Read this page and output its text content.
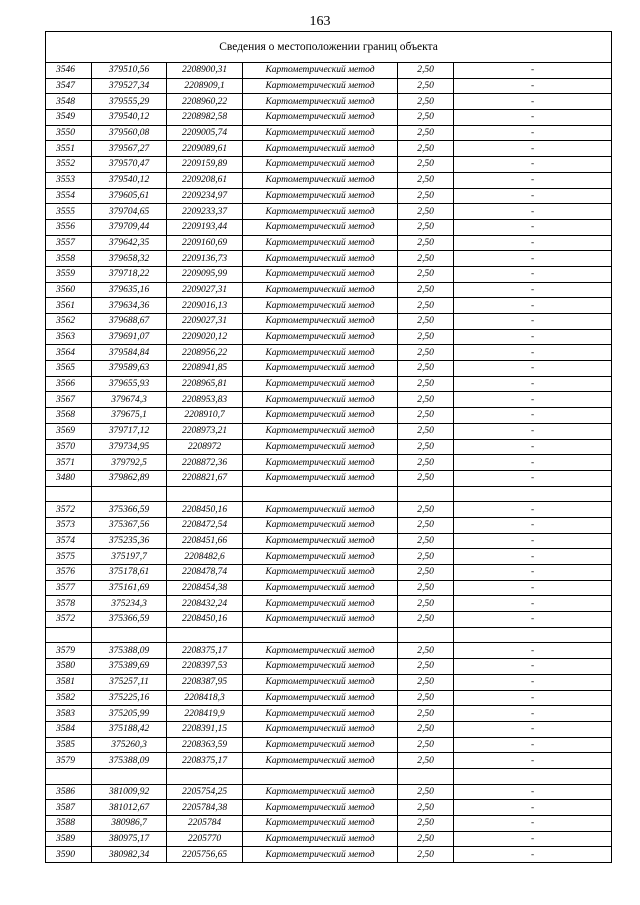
163
Сведения о местоположении границ объекта					
3546	379510,56	2208900,31	Картометрический метод	2,50	-
3547	379527,34	2208909,1	Картометрический метод	2,50	-
3548	379555,29	2208960,22	Картометрический метод	2,50	-
3549	379540,12	2208982,58	Картометрический метод	2,50	-
3550	379560,08	2209005,74	Картометрический метод	2,50	-
3551	379567,27	2209089,61	Картометрический метод	2,50	-
3552	379570,47	2209159,89	Картометрический метод	2,50	-
3553	379540,12	2209208,61	Картометрический метод	2,50	-
3554	379605,61	2209234,97	Картометрический метод	2,50	-
3555	379704,65	2209233,37	Картометрический метод	2,50	-
3556	379709,44	2209193,44	Картометрический метод	2,50	-
3557	379642,35	2209160,69	Картометрический метод	2,50	-
3558	379658,32	2209136,73	Картометрический метод	2,50	-
3559	379718,22	2209095,99	Картометрический метод	2,50	-
3560	379635,16	2209027,31	Картометрический метод	2,50	-
3561	379634,36	2209016,13	Картометрический метод	2,50	-
3562	379688,67	2209027,31	Картометрический метод	2,50	-
3563	379691,07	2209020,12	Картометрический метод	2,50	-
3564	379584,84	2208956,22	Картометрический метод	2,50	-
3565	379589,63	2208941,85	Картометрический метод	2,50	-
3566	379655,93	2208965,81	Картометрический метод	2,50	-
3567	379674,3	2208953,83	Картометрический метод	2,50	-
3568	379675,1	2208910,7	Картометрический метод	2,50	-
3569	379717,12	2208973,21	Картометрический метод	2,50	-
3570	379734,95	2208972	Картометрический метод	2,50	-
3571	379792,5	2208872,36	Картометрический метод	2,50	-
3480	379862,89	2208821,67	Картометрический метод	2,50	-

3572	375366,59	2208450,16	Картометрический метод	2,50	-
3573	375367,56	2208472,54	Картометрический метод	2,50	-
3574	375235,36	2208451,66	Картометрический метод	2,50	-
3575	375197,7	2208482,6	Картометрический метод	2,50	-
3576	375178,61	2208478,74	Картометрический метод	2,50	-
3577	375161,69	2208454,38	Картометрический метод	2,50	-
3578	375234,3	2208432,24	Картометрический метод	2,50	-
3572	375366,59	2208450,16	Картометрический метод	2,50	-

3579	375388,09	2208375,17	Картометрический метод	2,50	-
3580	375389,69	2208397,53	Картометрический метод	2,50	-
3581	375257,11	2208387,95	Картометрический метод	2,50	-
3582	375225,16	2208418,3	Картометрический метод	2,50	-
3583	375205,99	2208419,9	Картометрический метод	2,50	-
3584	375188,42	2208391,15	Картометрический метод	2,50	-
3585	375260,3	2208363,59	Картометрический метод	2,50	-
3579	375388,09	2208375,17	Картометрический метод	2,50	-

3586	381009,92	2205754,25	Картометрический метод	2,50	-
3587	381012,67	2205784,38	Картометрический метод	2,50	-
3588	380986,7	2205784	Картометрический метод	2,50	-
3589	380975,17	2205770	Картометрический метод	2,50	-
3590	380982,34	2205756,65	Картометрический метод	2,50	-
